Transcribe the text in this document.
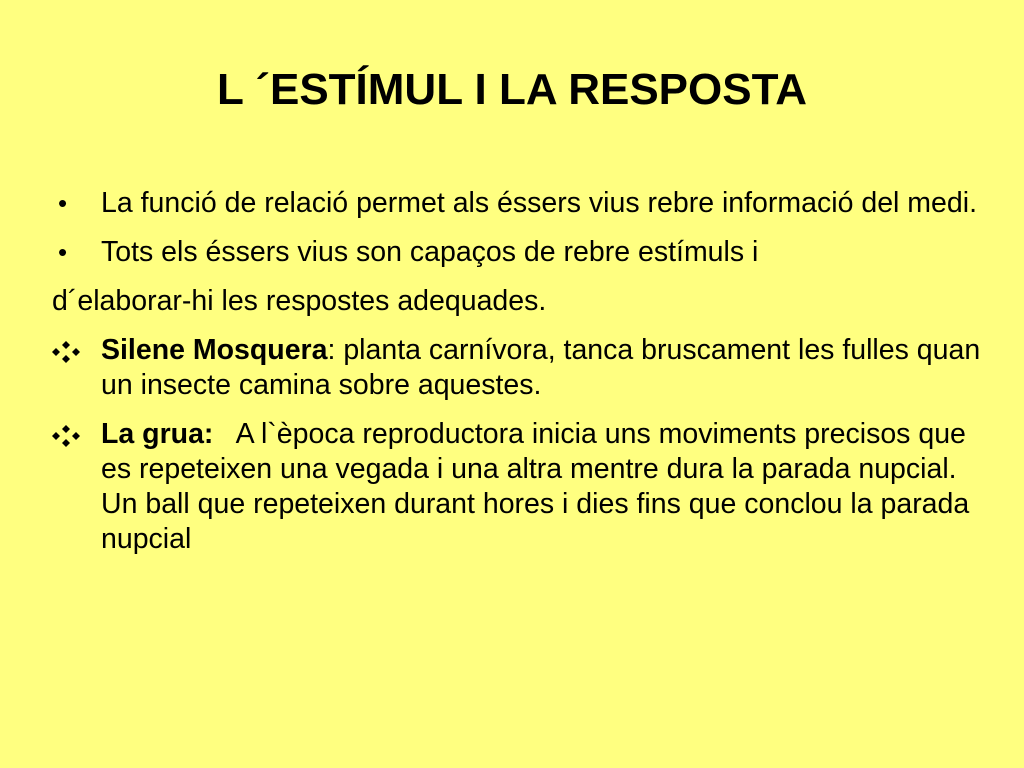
L ´ESTÍMUL I LA RESPOSTA
•	La funció de relació permet als éssers vius rebre informació del medi.
•	Tots els éssers vius son capaços de rebre estímuls i
d´elaborar-hi les respostes adequades.
Silene Mosquera: planta carnívora, tanca bruscament les fulles quan un insecte camina sobre aquestes.
La grua:   A l`època reproductora inicia uns moviments precisos que es repeteixen una vegada i una altra mentre dura la parada nupcial. Un ball que repeteixen durant hores i dies fins que conclou la parada nupcial
